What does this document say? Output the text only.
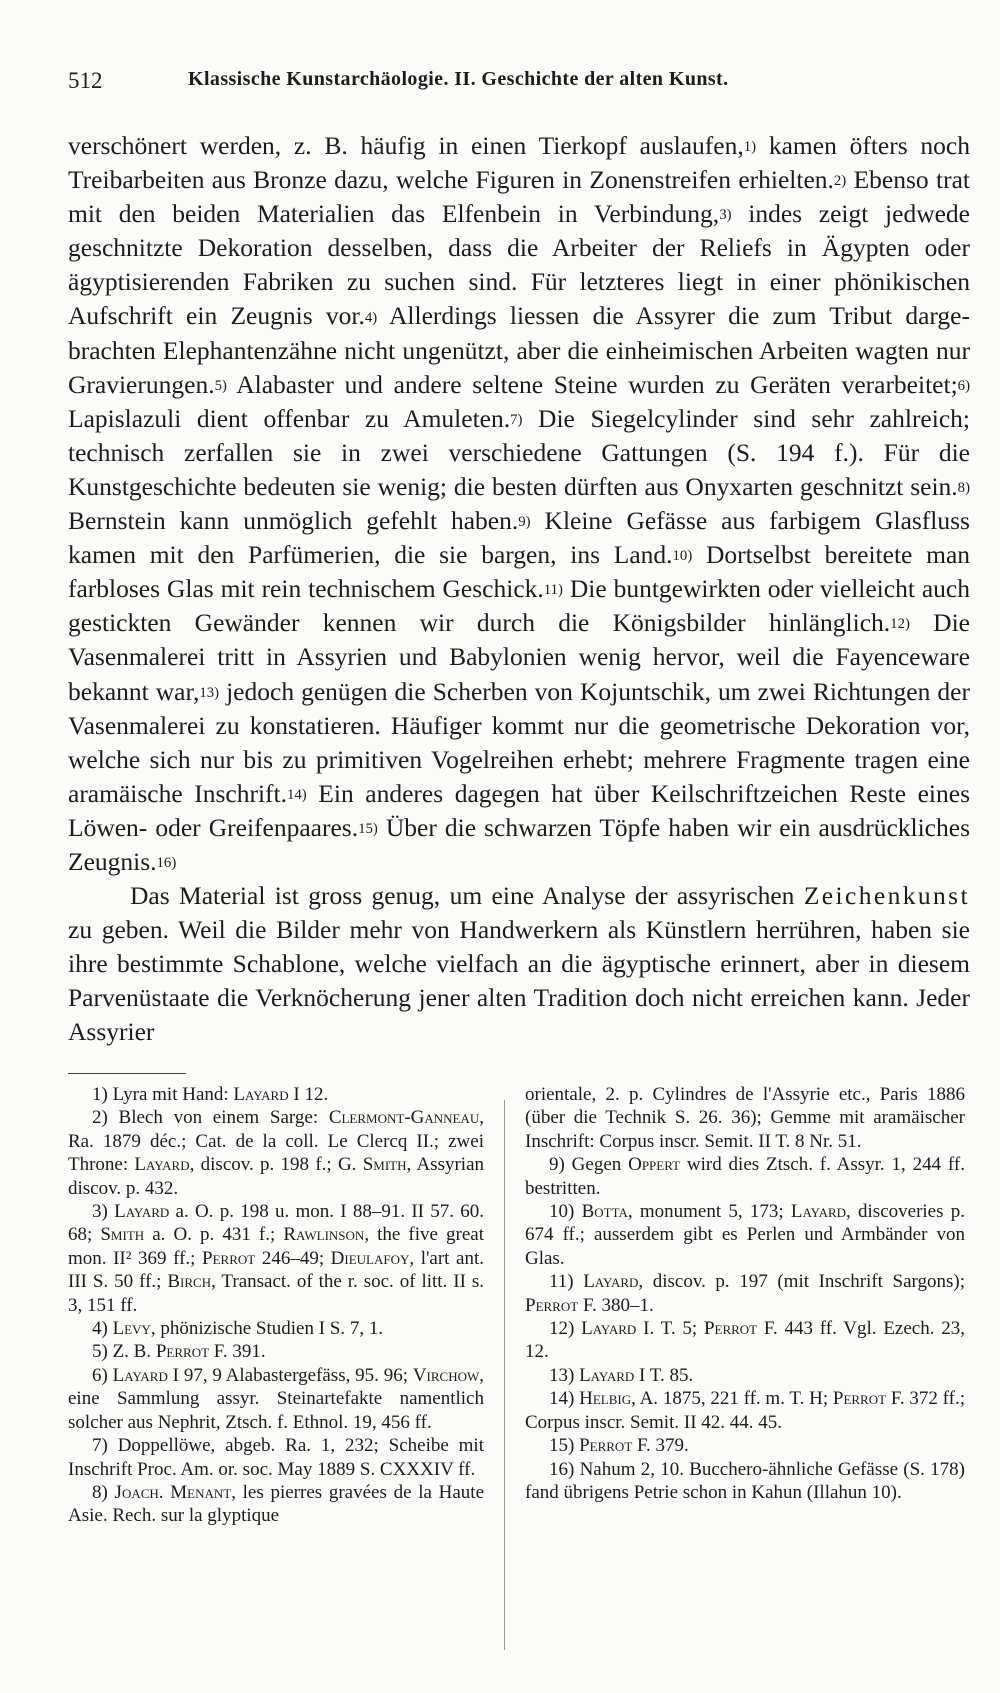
512	Klassische Kunstarchäologie. II. Geschichte der alten Kunst.

verschönert werden, z. B. häufig in einen Tierkopf auslaufen,$^{1)}$ kamen öfters noch Treibarbeiten aus Bronze dazu, welche Figuren in Zonenstreifen erhielten.$^{2)}$ Ebenso trat mit den beiden Materialien das Elfenbein in Verbindung,$^{3)}$ indes zeigt jedwede geschnitzte Dekoration desselben, dass die Arbeiter der Reliefs in Ägypten oder ägyptisierenden Fabriken zu suchen sind. Für letzteres liegt in einer phönikischen Aufschrift ein Zeugnis vor.$^{4)}$ Allerdings liessen die Assyrer die zum Tribut dargebrachten Elephantenzähne nicht ungenützt, aber die einheimischen Arbeiten wagten nur Gravierungen.$^{5)}$ Alabaster und andere seltene Steine wurden zu Geräten verarbeitet;$^{6)}$ Lapislazuli dient offenbar zu Amuleten.$^{7)}$ Die Siegelcylinder sind sehr zahlreich; technisch zerfallen sie in zwei verschiedene Gattungen (S. 194 f.). Für die Kunstgeschichte bedeuten sie wenig; die besten dürften aus Onyxarten geschnitzt sein.$^{8)}$ Bernstein kann unmöglich gefehlt haben.$^{9)}$ Kleine Gefässe aus farbigem Glasfluss kamen mit den Parfümerien, die sie bargen, ins Land.$^{10)}$ Dortselbst bereitete man farbloses Glas mit rein technischem Geschick.$^{11)}$ Die buntgewirkten oder vielleicht auch gestickten Gewänder kennen wir durch die Königsbilder hinlänglich.$^{12)}$ Die Vasenmalerei tritt in Assyrien und Babylonien wenig hervor, weil die Fayenceware bekannt war,$^{13)}$ jedoch genügen die Scherben von Kojuntschik, um zwei Richtungen der Vasenmalerei zu konstatieren. Häufiger kommt nur die geometrische Dekoration vor, welche sich nur bis zu primitiven Vogelreihen erhebt; mehrere Fragmente tragen eine aramäische Inschrift.$^{14)}$ Ein anderes dagegen hat über Keilschriftzeichen Reste eines Löwen- oder Greifenpaares.$^{15)}$ Über die schwarzen Töpfe haben wir ein ausdrückliches Zeugnis.$^{16)}$

Das Material ist gross genug, um eine Analyse der assyrischen Zeichenkunst zu geben. Weil die Bilder mehr von Handwerkern als Künstlern herrühren, haben sie ihre bestimmte Schablone, welche vielfach an die ägyptische erinnert, aber in diesem Parvenüstaate die Verknöcherung jener alten Tradition doch nicht erreichen kann. Jeder Assyrier

1) Lyra mit Hand: Layard I 12.

2) Blech von einem Sarge: Clermont-Ganneau, Ra. 1879 déc.; Cat. de la coll. Le Clercq II.; zwei Throne: Layard, discov. p. 198 f.; G. Smith, Assyrian discov. p. 432.

3) Layard a. O. p. 198 u. mon. I 88–91. II 57. 60. 68; Smith a. O. p. 431 f.; Rawlinson, the five great mon. II² 369 ff.; Perrot 246–49; Dieulafoy, l'art ant. III S. 50 ff.; Birch, Transact. of the r. soc. of litt. II s. 3, 151 ff.

4) Levy, phönizische Studien I S. 7, 1.

5) Z. B. Perrot F. 391.

6) Layard I 97, 9 Alabastergefäss, 95. 96; Virchow, eine Sammlung assyr. Steinartefakte namentlich solcher aus Nephrit, Ztsch. f. Ethnol. 19, 456 ff.

7) Doppellöwe, abgeb. Ra. 1, 232; Scheibe mit Inschrift Proc. Am. or. soc. May 1889 S. CXXXIV ff.

8) Joach. Menant, les pierres gravées de la Haute Asie. Rech. sur la glyptique

orientale, 2. p. Cylindres de l'Assyrie etc., Paris 1886 (über die Technik S. 26. 36); Gemme mit aramäischer Inschrift: Corpus inscr. Semit. II T. 8 Nr. 51.

9) Gegen Oppert wird dies Ztsch. f. Assyr. 1, 244 ff. bestritten.

10) Botta, monument 5, 173; Layard, discoveries p. 674 ff.; ausserdem gibt es Perlen und Armbänder von Glas.

11) Layard, discov. p. 197 (mit Inschrift Sargons); Perrot F. 380–1.

12) Layard I. T. 5; Perrot F. 443 ff. Vgl. Ezech. 23, 12.

13) Layard I T. 85.

14) Helbig, A. 1875, 221 ff. m. T. H; Perrot F. 372 ff.; Corpus inscr. Semit. II 42. 44. 45.

15) Perrot F. 379.

16) Nahum 2, 10. Bucchero-ähnliche Gefässe (S. 178) fand übrigens Petrie schon in Kahun (Illahun 10).
